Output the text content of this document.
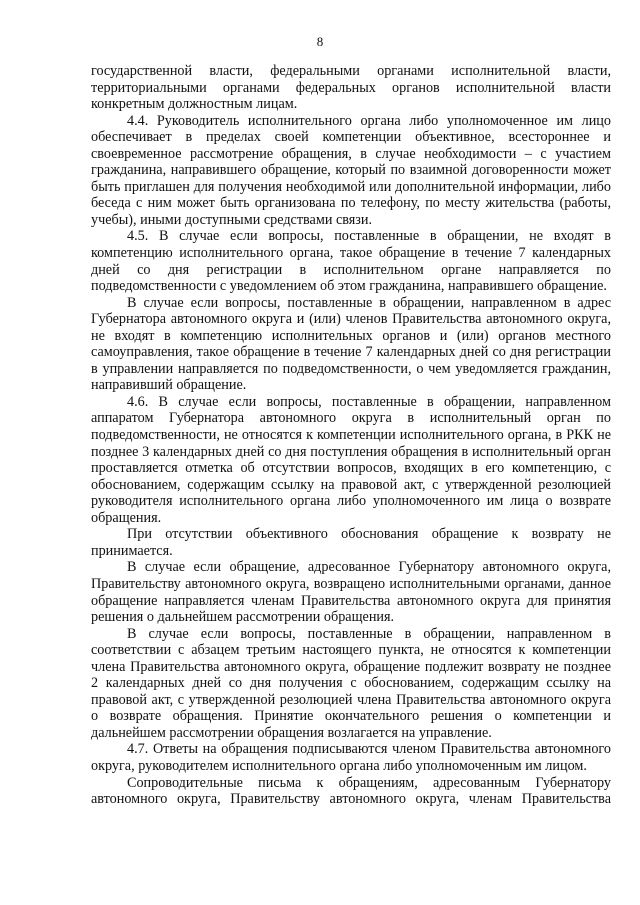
8

государственной власти, федеральными органами исполнительной власти, территориальными органами федеральных органов исполнительной власти конкретным должностным лицам.

4.4. Руководитель исполнительного органа либо уполномоченное им лицо обеспечивает в пределах своей компетенции объективное, всестороннее и своевременное рассмотрение обращения, в случае необходимости – с участием гражданина, направившего обращение, который по взаимной договоренности может быть приглашен для получения необходимой или дополнительной информации, либо беседа с ним может быть организована по телефону, по месту жительства (работы, учебы), иными доступными средствами связи.

4.5. В случае если вопросы, поставленные в обращении, не входят в компетенцию исполнительного органа, такое обращение в течение 7 календарных дней со дня регистрации в исполнительном органе направляется по подведомственности с уведомлением об этом гражданина, направившего обращение.

В случае если вопросы, поставленные в обращении, направленном в адрес Губернатора автономного округа и (или) членов Правительства автономного округа, не входят в компетенцию исполнительных органов и (или) органов местного самоуправления, такое обращение в течение 7 календарных дней со дня регистрации в управлении направляется по подведомственности, о чем уведомляется гражданин, направивший обращение.

4.6. В случае если вопросы, поставленные в обращении, направленном аппаратом Губернатора автономного округа в исполнительный орган по подведомственности, не относятся к компетенции исполнительного органа, в РКК не позднее 3 календарных дней со дня поступления обращения в исполнительный орган проставляется отметка об отсутствии вопросов, входящих в его компетенцию, с обоснованием, содержащим ссылку на правовой акт, с утвержденной резолюцией руководителя исполнительного органа либо уполномоченного им лица о возврате обращения.

При отсутствии объективного обоснования обращение к возврату не принимается.

В случае если обращение, адресованное Губернатору автономного округа, Правительству автономного округа, возвращено исполнительными органами, данное обращение направляется членам Правительства автономного округа для принятия решения о дальнейшем рассмотрении обращения.

В случае если вопросы, поставленные в обращении, направленном в соответствии с абзацем третьим настоящего пункта, не относятся к компетенции члена Правительства автономного округа, обращение подлежит возврату не позднее 2 календарных дней со дня получения с обоснованием, содержащим ссылку на правовой акт, с утвержденной резолюцией члена Правительства автономного округа о возврате обращения. Принятие окончательного решения о компетенции и дальнейшем рассмотрении обращения возлагается на управление.

4.7. Ответы на обращения подписываются членом Правительства автономного округа, руководителем исполнительного органа либо уполномоченным им лицом.

Сопроводительные письма к обращениям, адресованным Губернатору автономного округа, Правительству автономного округа, членам Правительства
